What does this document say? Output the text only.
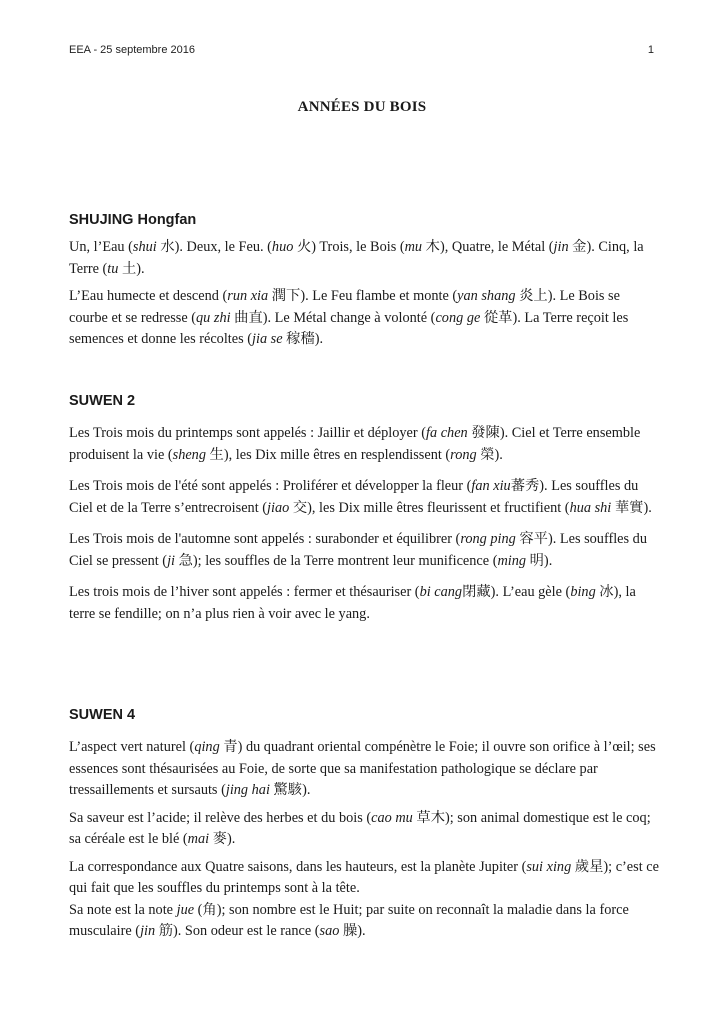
EEA - 25 septembre 2016	1
ANNÉES DU BOIS
SHUJING Hongfan

Un, l’Eau (shui 水). Deux, le Feu. (huo 火) Trois, le Bois (mu 木), Quatre, le Métal (jin 金). Cinq, la Terre (tu 土).

L’Eau humecte et descend (run xia 潤下). Le Feu flambe et monte (yan shang 炎上). Le Bois se courbe et se redresse (qu zhi 曲直). Le Métal change à volonté (cong ge 從革). La Terre reçoit les semences et donne les récoltes (jia se 稼穡).

SUWEN 2

Les Trois mois du printemps sont appelés : Jaillir et déployer (fa chen 發陳). Ciel et Terre ensemble produisent la vie (sheng 生), les Dix mille êtres en resplendissent (rong 榮).

Les Trois mois de l'été sont appelés : Proliférer et développer la fleur (fan xiu蕃秀). Les souffles du Ciel et de la Terre s’entrecroisent (jiao 交), les Dix mille êtres fleurissent et fructifient (hua shi 華實).

Les Trois mois de l'automne sont appelés : surabonder et équilibrer (rong ping 容平). Les souffles du Ciel se pressent (ji 急); les souffles de la Terre montrent leur munificence (ming 明).

Les trois mois de l’hiver sont appelés : fermer et thésauriser (bi cang閉藏). L’eau gèle (bing 冰), la terre se fendille; on n’a plus rien à voir avec le yang.

SUWEN 4

L’aspect vert naturel (qing 青) du quadrant oriental compénètre le Foie; il ouvre son orifice à l’œil; ses essences sont thésaurisées au Foie, de sorte que sa manifestation pathologique se déclare par tressaillements et sursauts (jing hai 驚駭).

Sa saveur est l’acide; il relève des herbes et du bois (cao mu 草木); son animal domestique est le coq; sa céréale est le blé (mai 麥).

La correspondance aux Quatre saisons, dans les hauteurs, est la planète Jupiter (sui xing 歲星); c’est ce qui fait que les souffles du printemps sont à la tête.
Sa note est la note jue (角); son nombre est le Huit; par suite on reconnaît la maladie dans la force musculaire (jin 筋). Son odeur est le rance (sao 臊).
